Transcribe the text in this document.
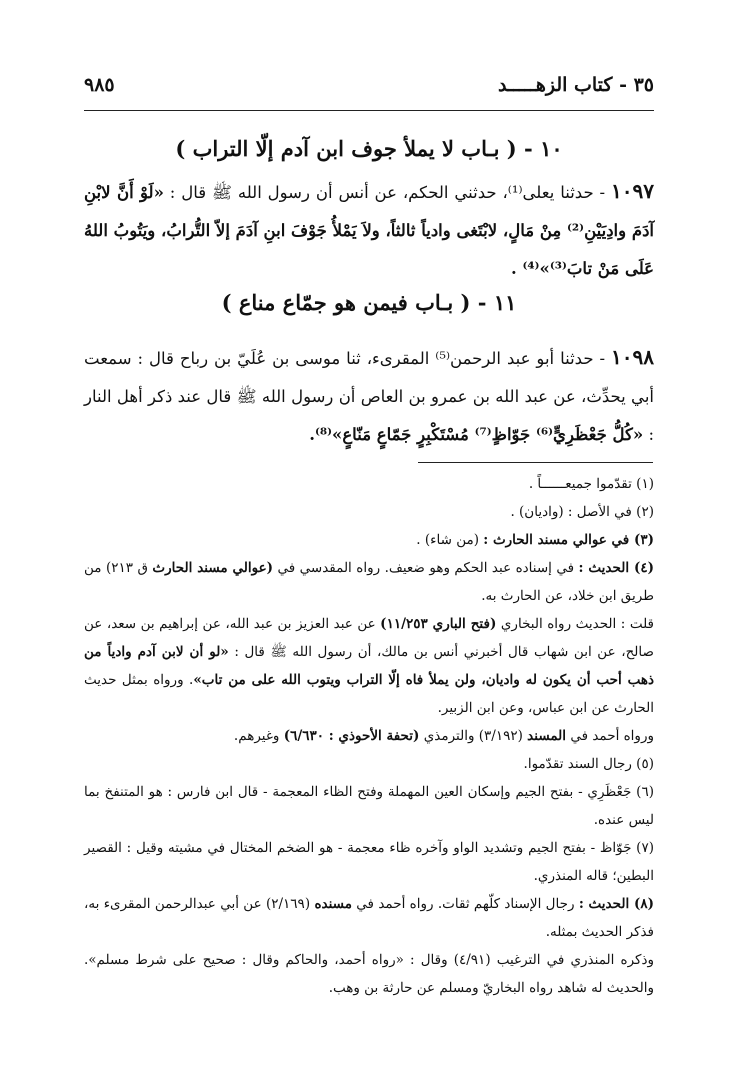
٣٥ - كتاب الزهـــــد
٩٨٥
١٠ - ( بـاب لا يملأ جوف ابن آدم إلّا التراب )
١٠٩٧ - حدثنا يعلى⁽¹⁾، حدثني الحكم، عن أنس أن رسول الله ﷺ قال : «لَوْ أَنَّ لابْنِ آدَمَ وادِيَيْنِ⁽²⁾ مِنْ مَالٍ، لابْتَغى وادياً ثالثاً، ولاَ يَمْلأُ جَوْفَ ابنِ آدَمَ إلاّ التُّرابُ، ويَتُوبُ اللهُ عَلَى مَنْ تابَ⁽³⁾»⁽⁴⁾ .
١١ - ( بـاب فيمن هو جمّاع مناع )
١٠٩٨ - حدثنا أبو عبد الرحمن⁽⁵⁾ المقرىء، ثنا موسى بن عُلَيّ بن رباح قال : سمعت أبي يحدِّث، عن عبد الله بن عمرو بن العاص أن رسول الله ﷺ قال عند ذكر أهل النار : «كُلُّ جَعْظَرِيٍّ⁽⁶⁾ جَوّاظٍ⁽⁷⁾ مُسْتَكْبِرٍ جَمّاعٍ مَنّاعٍ»⁽⁸⁾.

(١) تقدّموا جميعــــــاً .

(٢) في الأصل : (واديان) .

(٣) في عوالي مسند الحارث : (من شاء) .

(٤) الحديث : في إسناده عبد الحكم وهو ضعيف. رواه المقدسي في (عوالي مسند الحارث ق ٢١٣) من طريق ابن خلاد، عن الحارث به.

قلت : الحديث رواه البخاري (فتح الباري ١١/٢٥٣) عن عبد العزيز بن عبد الله، عن إبراهيم بن سعد، عن صالح، عن ابن شهاب قال أخبرني أنس بن مالك، أن رسول الله ﷺ قال : «لو أن لابن آدم وادياً من ذهب أحب أن يكون له واديان، ولن يملأ فاه إلّا التراب ويتوب الله على من تاب». ورواه بمثل حديث الحارث عن ابن عباس، وعن ابن الزبير.

ورواه أحمد في المسند (٣/١٩٢) والترمذي (تحفة الأحوذي : ٦/٦٣٠) وغيرهم.

(٥) رجال السند تقدّموا.

(٦) جَعْظَرِي - بفتح الجيم وإسكان العين المهملة وفتح الظاء المعجمة - قال ابن فارس : هو المتنفخ بما ليس عنده.

(٧) جَوّاظ - بفتح الجيم وتشديد الواو وآخره ظاء معجمة - هو الضخم المختال في مشيته وقيل : القصير البطين؛ قاله المنذري.

(٨) الحديث : رجال الإسناد كلّهم ثقات. رواه أحمد في مسنده (٢/١٦٩) عن أبي عبدالرحمن المقرىء به، فذكر الحديث بمثله.

وذكره المنذري في الترغيب (٤/٩١) وقال : «رواه أحمد، والحاكم وقال : صحيح على شرط مسلم». والحديث له شاهد رواه البخاريّ ومسلم عن حارثة بن وهب.
